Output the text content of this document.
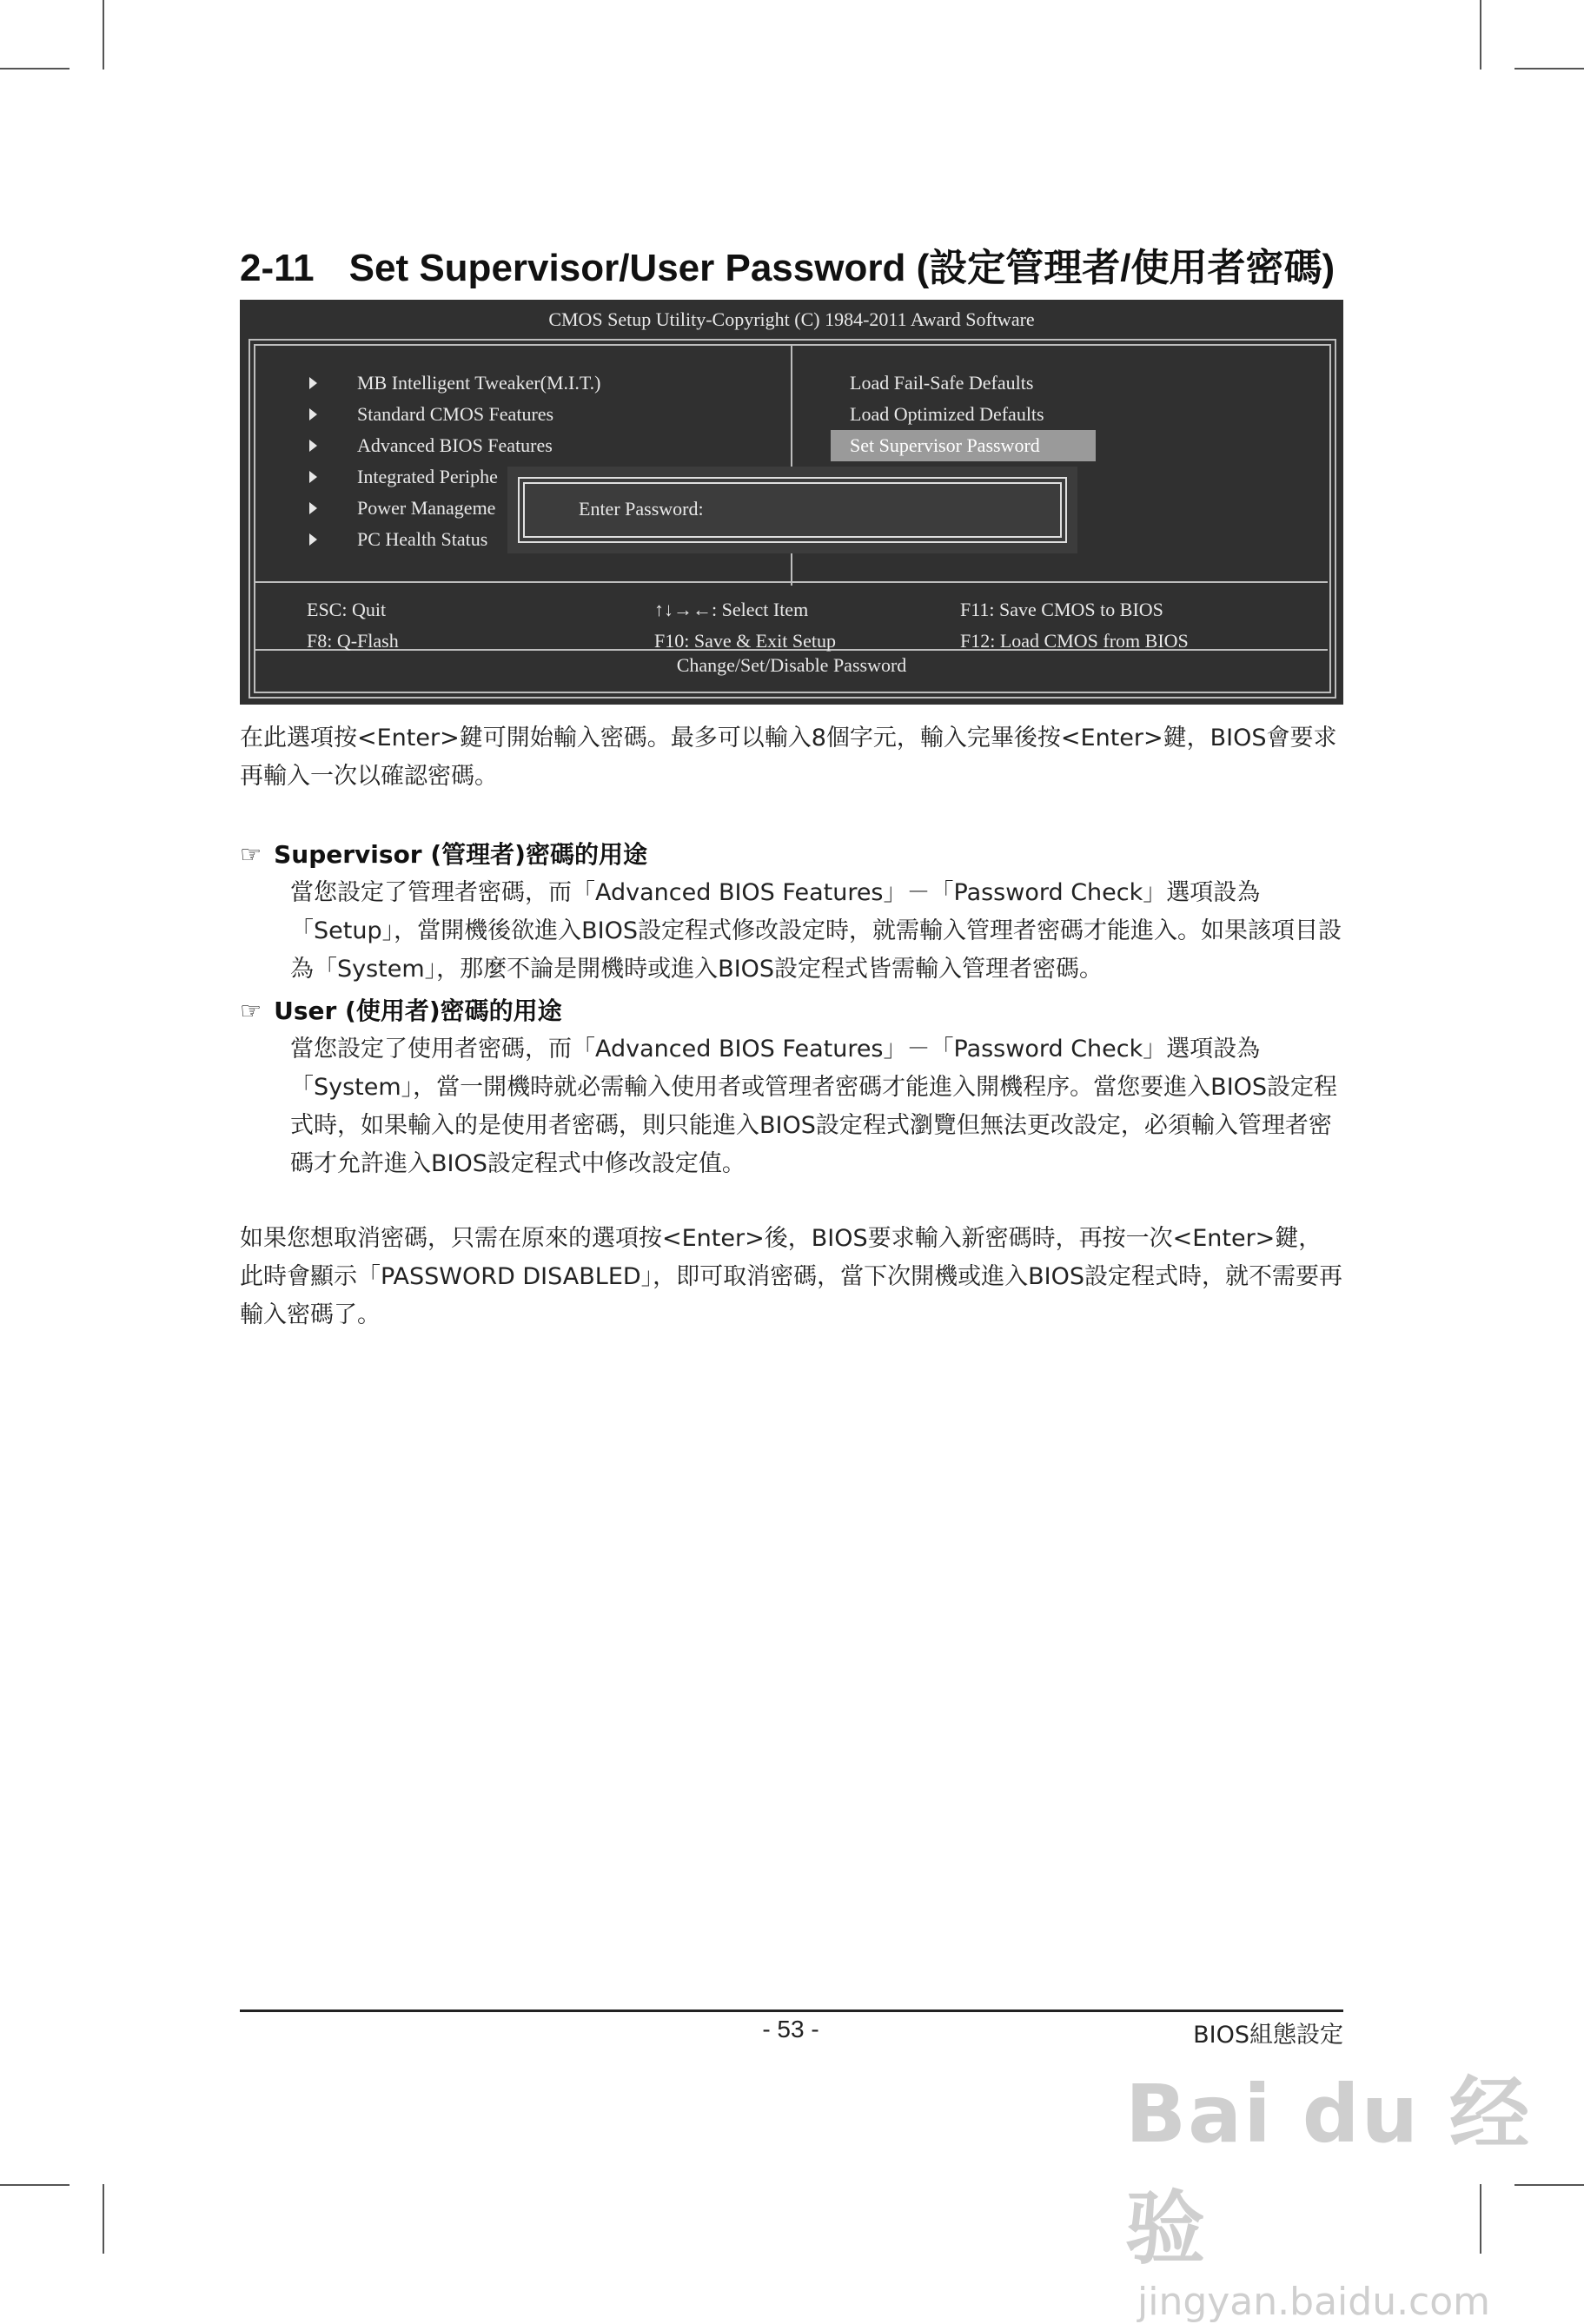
2-11 Set Supervisor/User Password (設定管理者/使用者密碼)
CMOS Setup Utility-Copyright (C) 1984-2011 Award Software
MB Intelligent Tweaker(M.I.T.)
Standard CMOS Features
Advanced BIOS Features
Integrated Periphe
Power Manageme
PC Health Status
Load Fail-Safe Defaults
Load Optimized Defaults
Set Supervisor Password
Enter Password:
ESC: Quit	↑↓→←: Select Item	F11: Save CMOS to BIOS
F8: Q-Flash	F10: Save & Exit Setup	F12: Load CMOS from BIOS
Change/Set/Disable Password
在此選項按<Enter>鍵可開始輸入密碼。最多可以輸入8個字元，輸入完畢後按<Enter>鍵，BIOS會要求再輸入一次以確認密碼。
☞ Supervisor (管理者)密碼的用途
當您設定了管理者密碼，而「Advanced BIOS Features」－「Password Check」選項設為「Setup」，當開機後欲進入BIOS設定程式修改設定時，就需輸入管理者密碼才能進入。如果該項目設為「System」，那麼不論是開機時或進入BIOS設定程式皆需輸入管理者密碼。
☞ User (使用者)密碼的用途
當您設定了使用者密碼，而「Advanced BIOS Features」－「Password Check」選項設為「System」，當一開機時就必需輸入使用者或管理者密碼才能進入開機程序。當您要進入BIOS設定程式時，如果輸入的是使用者密碼，則只能進入BIOS設定程式瀏覽但無法更改設定，必須輸入管理者密碼才允許進入BIOS設定程式中修改設定值。
如果您想取消密碼，只需在原來的選項按<Enter>後，BIOS要求輸入新密碼時，再按一次<Enter>鍵，此時會顯示「PASSWORD DISABLED」，即可取消密碼，當下次開機或進入BIOS設定程式時，就不需要再輸入密碼了。
- 53 -	BIOS組態設定
Bai du 经验
jingyan.baidu.com
